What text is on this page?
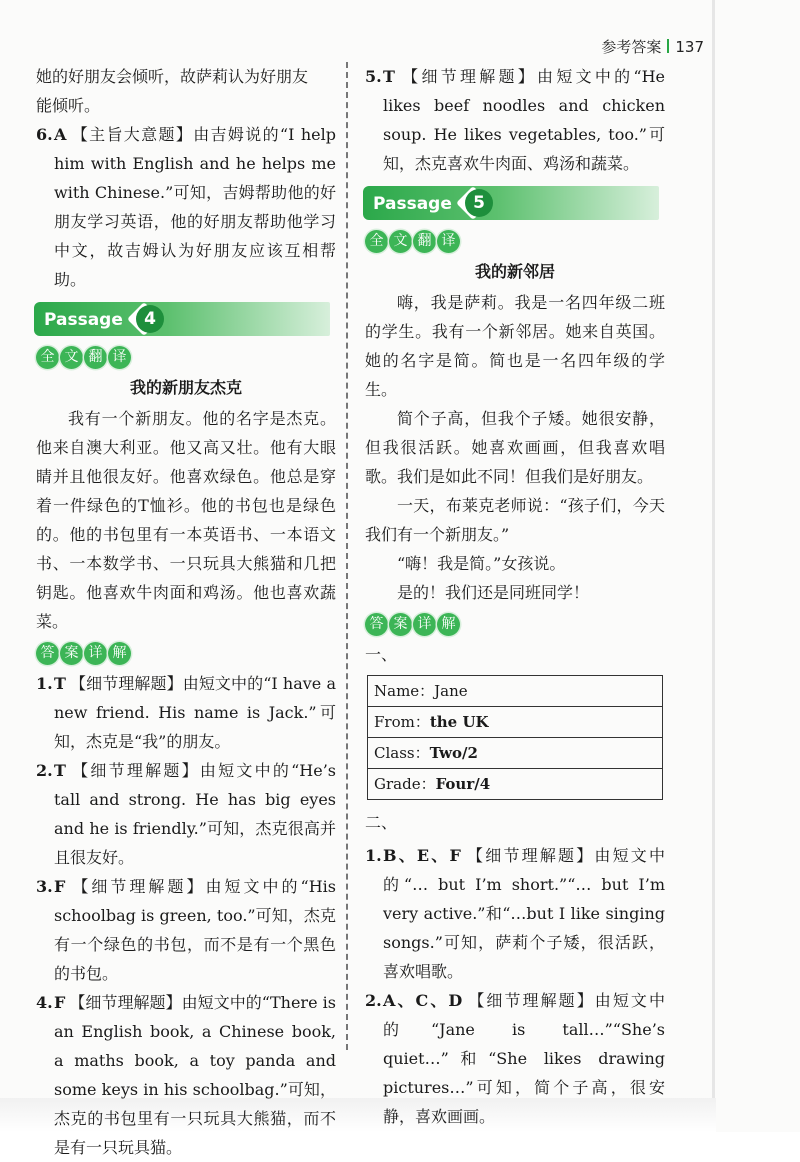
参考答案 137

她的好朋友会倾听，故萨莉认为好朋友

能倾听。

6. A 【主旨大意题】由吉姆说的“I help him with English and he helps me with Chinese.”可知，吉姆帮助他的好朋友学习英语，他的好朋友帮助他学习中文，故吉姆认为好朋友应该互相帮助。
Passage	4
全 文 翻 译

我的新朋友杰克

我有一个新朋友。他的名字是杰克。他来自澳大利亚。他又高又壮。他有大眼睛并且他很友好。他喜欢绿色。他总是穿着一件绿色的T恤衫。他的书包也是绿色的。他的书包里有一本英语书、一本语文书、一本数学书、一只玩具大熊猫和几把钥匙。他喜欢牛肉面和鸡汤。他也喜欢蔬菜。

答 案 详 解
1. T 【细节理解题】由短文中的“I have a new friend. His name is Jack.”可知，杰克是“我”的朋友。
2. T 【细节理解题】由短文中的“He’s tall and strong. He has big eyes and he is friendly.”可知，杰克很高并且很友好。
3. F 【细节理解题】由短文中的“His schoolbag is green, too.”可知，杰克有一个绿色的书包，而不是有一个黑色的书包。
4. F 【细节理解题】由短文中的“There is an English book, a Chinese book, a maths book, a toy panda and some keys in his schoolbag.”可知，杰克的书包里有一只玩具大熊猫，而不是有一只玩具猫。
5. T 【细节理解题】由短文中的“He likes beef noodles and chicken soup. He likes vegetables, too.”可知，杰克喜欢牛肉面、鸡汤和蔬菜。
Passage	5
全 文 翻 译

我的新邻居

嗨，我是萨莉。我是一名四年级二班的学生。我有一个新邻居。她来自英国。她的名字是简。简也是一名四年级的学生。

简个子高，但我个子矮。她很安静，但我很活跃。她喜欢画画，但我喜欢唱歌。我们是如此不同！但我们是好朋友。

一天，布莱克老师说：“孩子们，今天我们有一个新朋友。”

“嗨！我是简。”女孩说。

是的！我们还是同班同学！

答 案 详 解

一、

Name：Jane
From：the UK
Class：Two/2
Grade：Four/4

二、

1. B、E、F 【细节理解题】由短文中的“… but I’m short.”“… but I’m very active.”和“…but I like singing songs.”可知，萨莉个子矮，很活跃，喜欢唱歌。
2. A、C、D 【细节理解题】由短文中的“Jane is tall…”“She’s quiet…”和“She likes drawing pictures…”可知，简个子高，很安静，喜欢画画。
